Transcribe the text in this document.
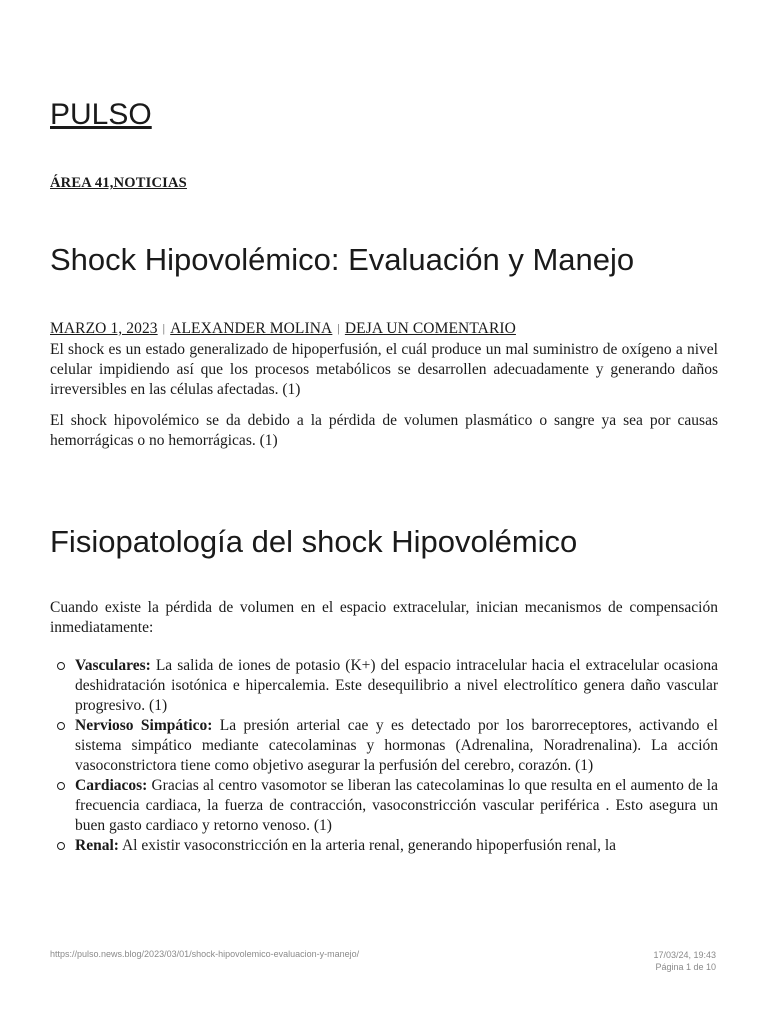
PULSO
ÁREA 41,NOTICIAS
Shock Hipovolémico: Evaluación y Manejo
MARZO 1, 2023 | ALEXANDER MOLINA | DEJA UN COMENTARIO

El shock es un estado generalizado de hipoperfusión, el cuál produce un mal suministro de oxígeno a nivel celular impidiendo así que los procesos metabólicos se desarrollen adecuadamente y generando daños irreversibles en las células afectadas. (1)

El shock hipovolémico se da debido a la pérdida de volumen plasmático o sangre ya sea por causas hemorrágicas o no hemorrágicas. (1)

Fisiopatología del shock Hipovolémico

Cuando existe la pérdida de volumen en el espacio extracelular, inician mecanismos de compensación inmediatamente:

Vasculares: La salida de iones de potasio (K+) del espacio intracelular hacia el extracelular ocasiona deshidratación isotónica e hipercalemia. Este desequilibrio a nivel electrolítico genera daño vascular progresivo. (1)
Nervioso Simpático: La presión arterial cae y es detectado por los barorreceptores, activando el sistema simpático mediante catecolaminas y hormonas (Adrenalina, Noradrenalina). La acción vasoconstrictora tiene como objetivo asegurar la perfusión del cerebro, corazón. (1)
Cardiacos: Gracias al centro vasomotor se liberan las catecolaminas lo que resulta en el aumento de la frecuencia cardiaca, la fuerza de contracción, vasoconstricción vascular periférica . Esto asegura un buen gasto cardiaco y retorno venoso. (1)
Renal: Al existir vasoconstricción en la arteria renal, generando hipoperfusión renal, la
https://pulso.news.blog/2023/03/01/shock-hipovolemico-evaluacion-y-manejo/	17/03/24, 19:43
Página 1 de 10
